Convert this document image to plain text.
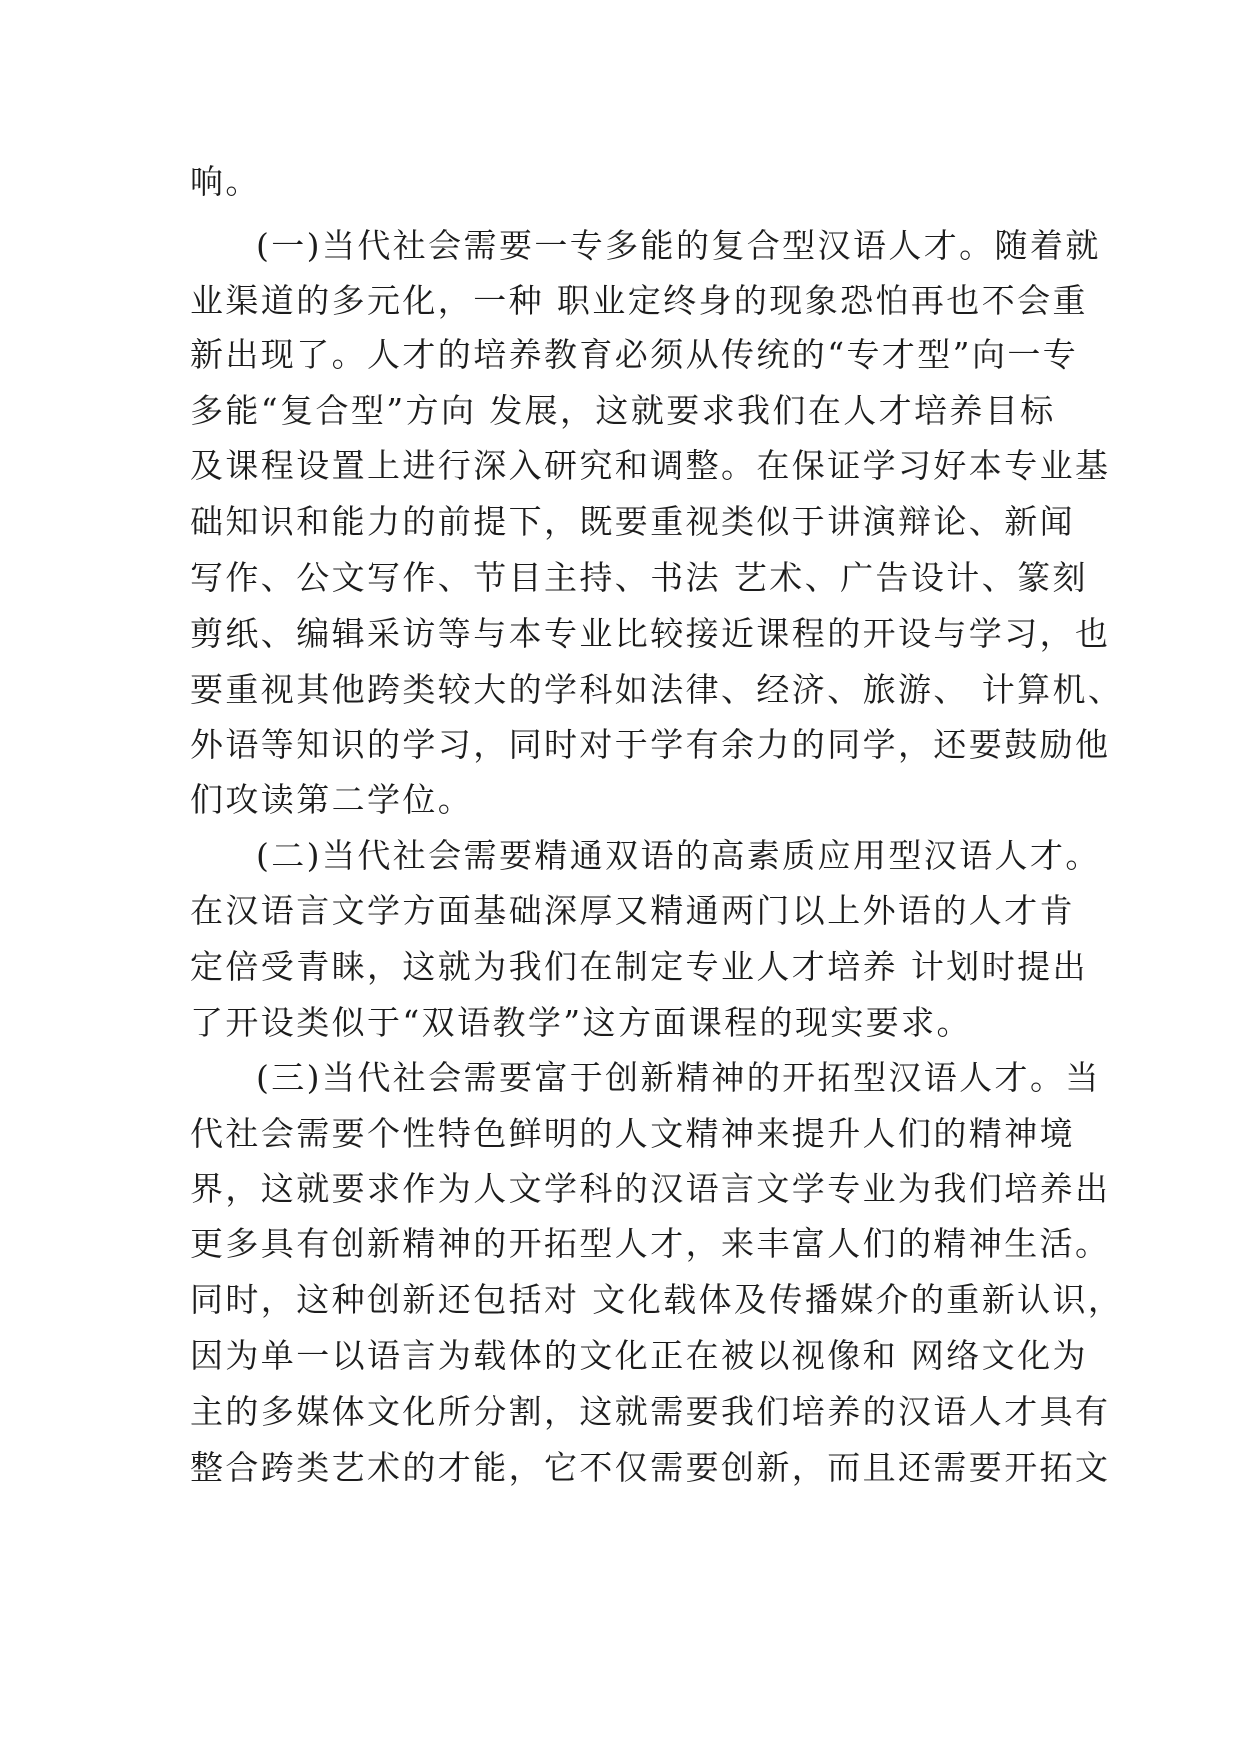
响。
(一)当代社会需要一专多能的复合型汉语人才。随着就
业渠道的多元化，一种 职业定终身的现象恐怕再也不会重
新出现了。人才的培养教育必须从传统的“专才型”向一专
多能“复合型”方向 发展，这就要求我们在人才培养目标
及课程设置上进行深入研究和调整。在保证学习好本专业基
础知识和能力的前提下，既要重视类似于讲演辩论、新闻
写作、公文写作、节目主持、书法 艺术、广告设计、篆刻
剪纸、编辑采访等与本专业比较接近课程的开设与学习，也
要重视其他跨类较大的学科如法律、经济、旅游、 计算机、
外语等知识的学习，同时对于学有余力的同学，还要鼓励他
们攻读第二学位。
(二)当代社会需要精通双语的高素质应用型汉语人才。
在汉语言文学方面基础深厚又精通两门以上外语的人才肯
定倍受青睐，这就为我们在制定专业人才培养 计划时提出
了开设类似于“双语教学”这方面课程的现实要求。
(三)当代社会需要富于创新精神的开拓型汉语人才。当
代社会需要个性特色鲜明的人文精神来提升人们的精神境
界，这就要求作为人文学科的汉语言文学专业为我们培养出
更多具有创新精神的开拓型人才，来丰富人们的精神生活。
同时，这种创新还包括对 文化载体及传播媒介的重新认识，
因为单一以语言为载体的文化正在被以视像和 网络文化为
主的多媒体文化所分割，这就需要我们培养的汉语人才具有
整合跨类艺术的才能，它不仅需要创新，而且还需要开拓文
